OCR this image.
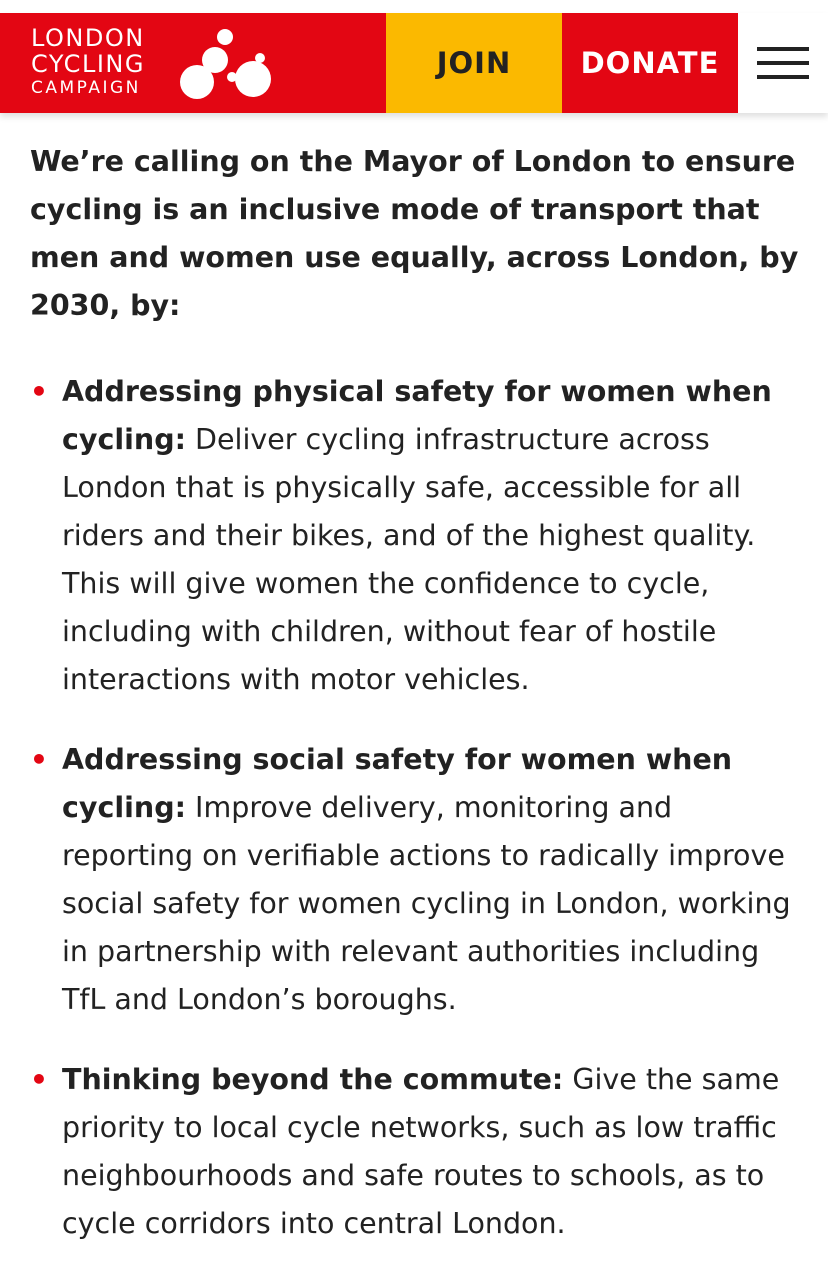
LONDON
CYCLING
CAMPAIGN
JOIN	DONATE

We’re calling on the Mayor of London to ensure cycling is an inclusive mode of transport that men and women use equally, across London, by 2030, by:

• Addressing physical safety for women when cycling: Deliver cycling infrastructure across London that is physically safe, accessible for all riders and their bikes, and of the highest quality. This will give women the confidence to cycle, including with children, without fear of hostile interactions with motor vehicles.
• Addressing social safety for women when cycling: Improve delivery, monitoring and reporting on verifiable actions to radically improve social safety for women cycling in London, working in partnership with relevant authorities including TfL and London’s boroughs.
• Thinking beyond the commute: Give the same priority to local cycle networks, such as low traffic neighbourhoods and safe routes to schools, as to cycle corridors into central London.
